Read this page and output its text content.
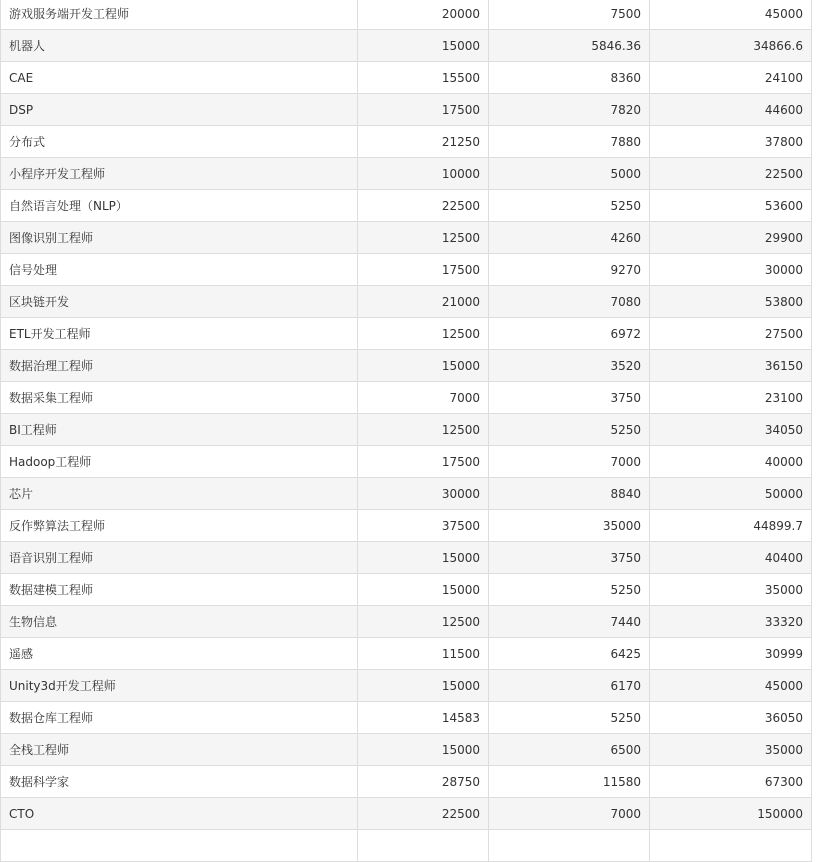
游戏服务端开发工程师	20000	7500	45000
机器人	15000	5846.36	34866.6
CAE	15500	8360	24100
DSP	17500	7820	44600
分布式	21250	7880	37800
小程序开发工程师	10000	5000	22500
自然语言处理（NLP）	22500	5250	53600
图像识别工程师	12500	4260	29900
信号处理	17500	9270	30000
区块链开发	21000	7080	53800
ETL开发工程师	12500	6972	27500
数据治理工程师	15000	3520	36150
数据采集工程师	7000	3750	23100
BI工程师	12500	5250	34050
Hadoop工程师	17500	7000	40000
芯片	30000	8840	50000
反作弊算法工程师	37500	35000	44899.7
语音识别工程师	15000	3750	40400
数据建模工程师	15000	5250	35000
生物信息	12500	7440	33320
遥感	11500	6425	30999
Unity3d开发工程师	15000	6170	45000
数据仓库工程师	14583	5250	36050
全栈工程师	15000	6500	35000
数据科学家	28750	11580	67300
CTO	22500	7000	150000
